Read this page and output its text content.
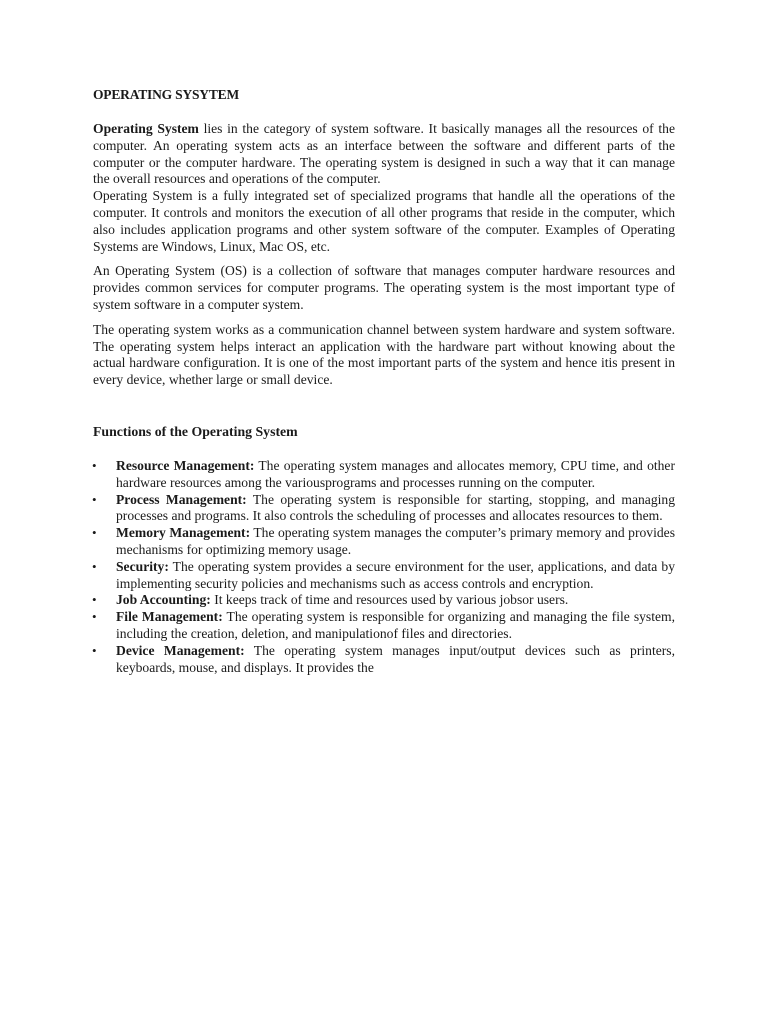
OPERATING SYSYTEM

Operating System lies in the category of system software. It basically manages all the resources of the computer. An operating system acts as an interface between the software and different parts of the computer or the computer hardware. The operating system is designed in such a way that it can manage the overall resources and operations of the computer.

Operating System is a fully integrated set of specialized programs that handle all the operations of the computer. It controls and monitors the execution of all other programs that reside in the computer, which also includes application programs and other system software of the computer. Examples of Operating Systems are Windows, Linux, Mac OS, etc.

An Operating System (OS) is a collection of software that manages computer hardware resources and provides common services for computer programs. The operating system is the most important type of system software in a computer system.

The operating system works as a communication channel between system hardware and system software. The operating system helps interact an application with the hardware part without knowing about the actual hardware configuration. It is one of the most important parts of the system and hence itis present in every device, whether large or small device.

Functions of the Operating System
• Resource Management: The operating system manages and allocates memory, CPU time, and other hardware resources among the variousprograms and processes running on the computer.
• Process Management: The operating system is responsible for starting, stopping, and managing processes and programs. It also controls the scheduling of processes and allocates resources to them.
• Memory Management: The operating system manages the computer’s primary memory and provides mechanisms for optimizing memory usage.
• Security: The operating system provides a secure environment for the user, applications, and data by implementing security policies and mechanisms such as access controls and encryption.
• Job Accounting: It keeps track of time and resources used by various jobsor users.
• File Management: The operating system is responsible for organizing and managing the file system, including the creation, deletion, and manipulationof files and directories.
• Device Management: The operating system manages input/output devices such as printers, keyboards, mouse, and displays. It provides the
